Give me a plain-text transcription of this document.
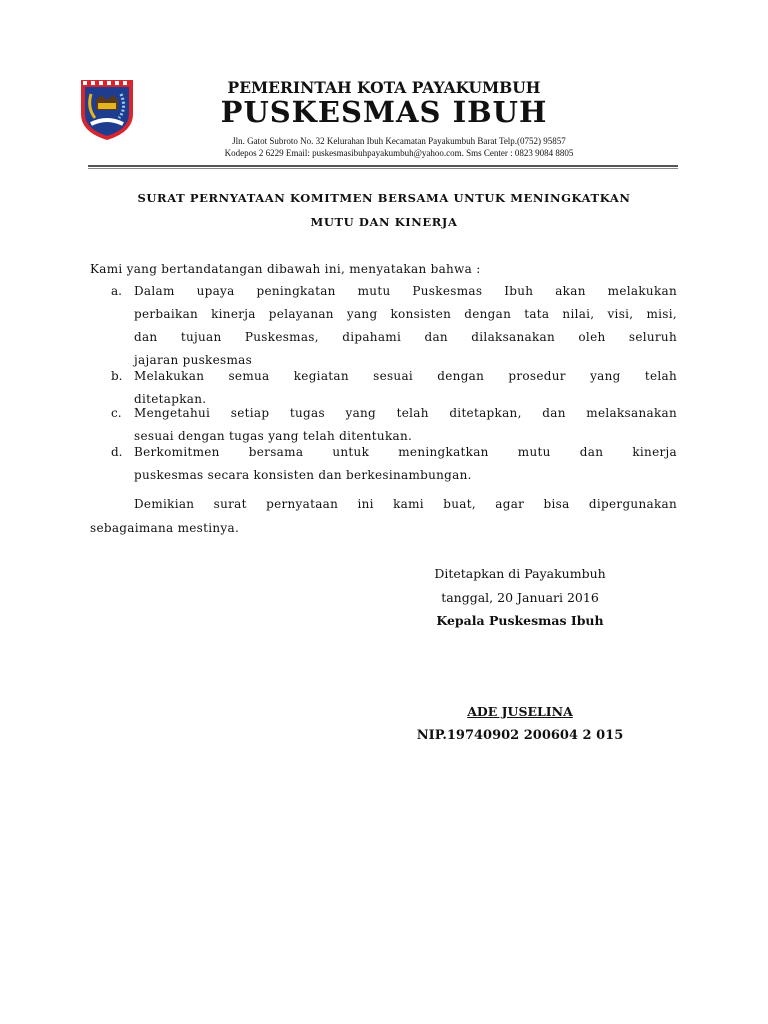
PEMERINTAH KOTA PAYAKUMBUH
PUSKESMAS IBUH
Jln. Gatot Subroto No. 32 Kelurahan Ibuh Kecamatan Payakumbuh Barat Telp.(0752) 95857
Kodepos 2 6229 Email: puskesmasibuhpayakumbuh@yahoo.com. Sms Center : 0823 9084 8805
SURAT PERNYATAAN KOMITMEN BERSAMA UNTUK MENINGKATKAN
MUTU DAN KINERJA
Kami yang bertandatangan dibawah ini, menyatakan bahwa :
a. Dalam upaya peningkatan mutu Puskesmas Ibuh akan melakukan
perbaikan kinerja pelayanan yang konsisten dengan tata nilai, visi, misi,
dan tujuan Puskesmas, dipahami dan dilaksanakan oleh seluruh
jajaran puskesmas
b. Melakukan semua kegiatan sesuai dengan prosedur yang telah
ditetapkan.
c. Mengetahui setiap tugas yang telah ditetapkan, dan melaksanakan
sesuai dengan tugas yang telah ditentukan.
d. Berkomitmen bersama untuk meningkatkan mutu dan kinerja
puskesmas secara konsisten dan berkesinambungan.
Demikian surat pernyataan ini kami buat, agar bisa dipergunakan
sebagaimana mestinya.
Ditetapkan di Payakumbuh
tanggal, 20 Januari 2016
Kepala Puskesmas Ibuh
ADE JUSELINA
NIP.19740902 200604 2 015
